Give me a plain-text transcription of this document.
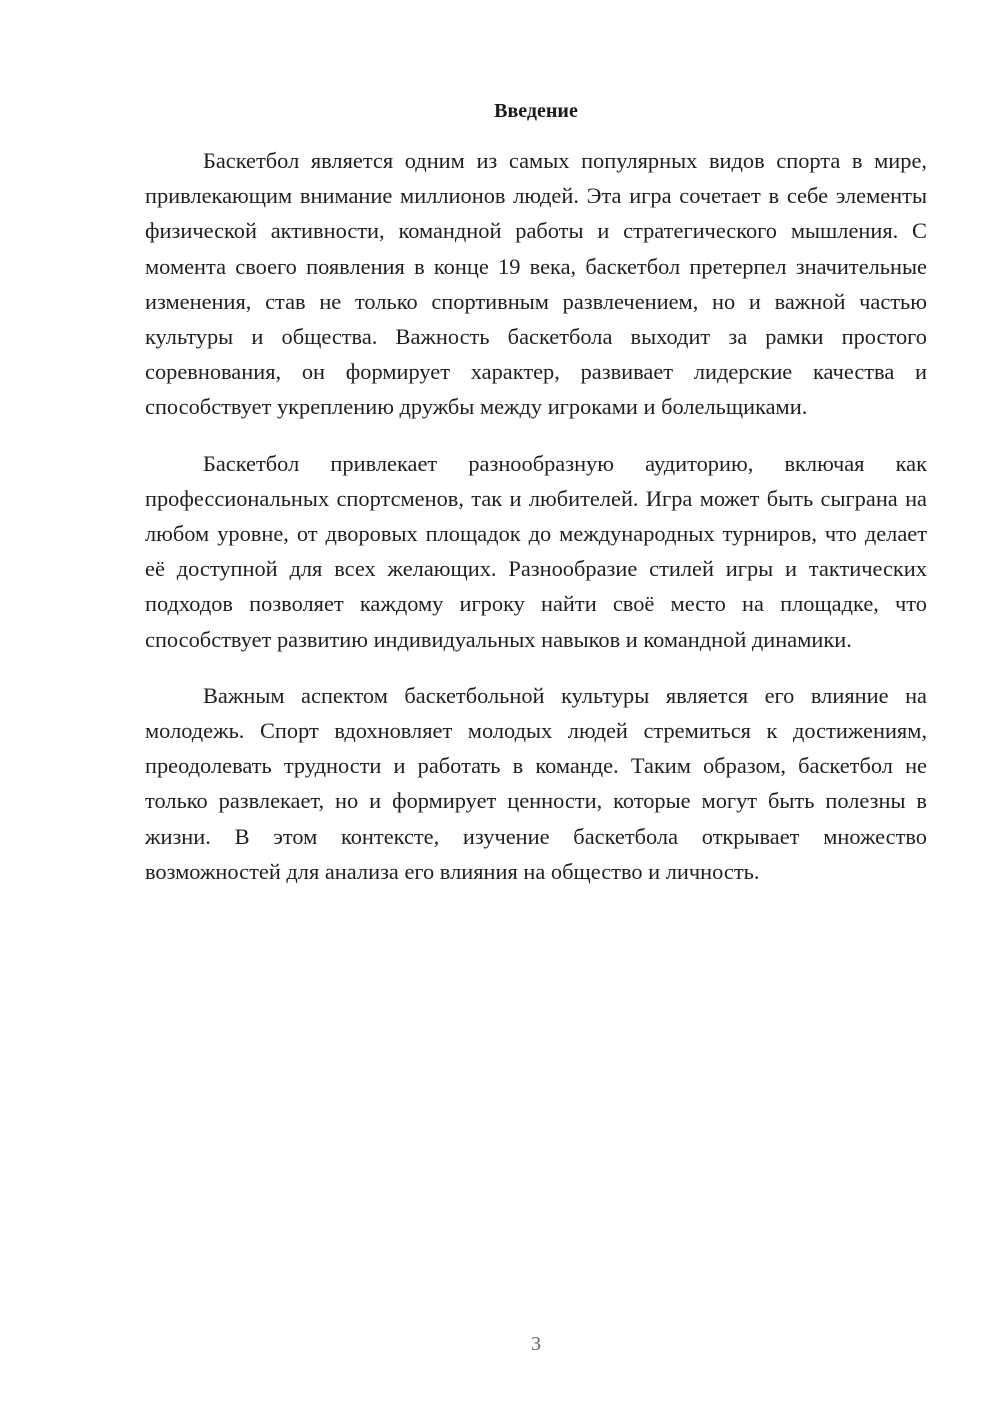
Введение

Баскетбол является одним из самых популярных видов спорта в мире, привлекающим внимание миллионов людей. Эта игра сочетает в себе элементы физической активности, командной работы и стратегического мышления. С момента своего появления в конце 19 века, баскетбол претерпел значительные изменения, став не только спортивным развлечением, но и важной частью культуры и общества. Важность баскетбола выходит за рамки простого соревнования, он формирует характер, развивает лидерские качества и способствует укреплению дружбы между игроками и болельщиками.

Баскетбол привлекает разнообразную аудиторию, включая как профессиональных спортсменов, так и любителей. Игра может быть сыграна на любом уровне, от дворовых площадок до международных турниров, что делает её доступной для всех желающих. Разнообразие стилей игры и тактических подходов позволяет каждому игроку найти своё место на площадке, что способствует развитию индивидуальных навыков и командной динамики.

Важным аспектом баскетбольной культуры является его влияние на молодежь. Спорт вдохновляет молодых людей стремиться к достижениям, преодолевать трудности и работать в команде. Таким образом, баскетбол не только развлекает, но и формирует ценности, которые могут быть полезны в жизни. В этом контексте, изучение баскетбола открывает множество возможностей для анализа его влияния на общество и личность.

3
